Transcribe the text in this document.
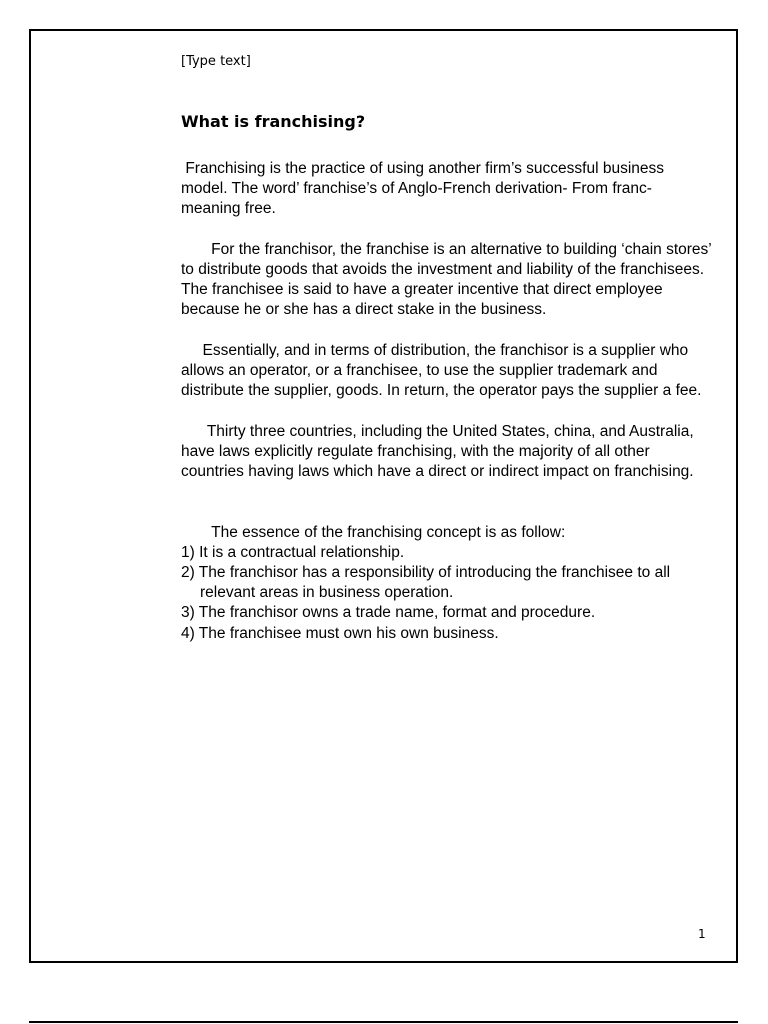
[Type text]
What is franchising?

Franchising is the practice of using another firm’s successful business model. The word’ franchise’s of Anglo-French derivation- From franc- meaning free.

For the franchisor, the franchise is an alternative to building ‘chain stores’ to distribute goods that avoids the investment and liability of the franchisees. The franchisee is said to have a greater incentive that direct employee because he or she has a direct stake in the business.

Essentially, and in terms of distribution, the franchisor is a supplier who allows an operator, or a franchisee, to use the supplier trademark and distribute the supplier, goods. In return, the operator pays the supplier a fee.

Thirty three countries, including the United States, china, and Australia, have laws explicitly regulate franchising, with the majority of all other countries having laws which have a direct or indirect impact on franchising.

The essence of the franchising concept is as follow:

1) It is a contractual relationship.

2) The franchisor has a responsibility of introducing the franchisee to all relevant areas in business operation.

3) The franchisor owns a trade name, format and procedure.

4) The franchisee must own his own business.

1
